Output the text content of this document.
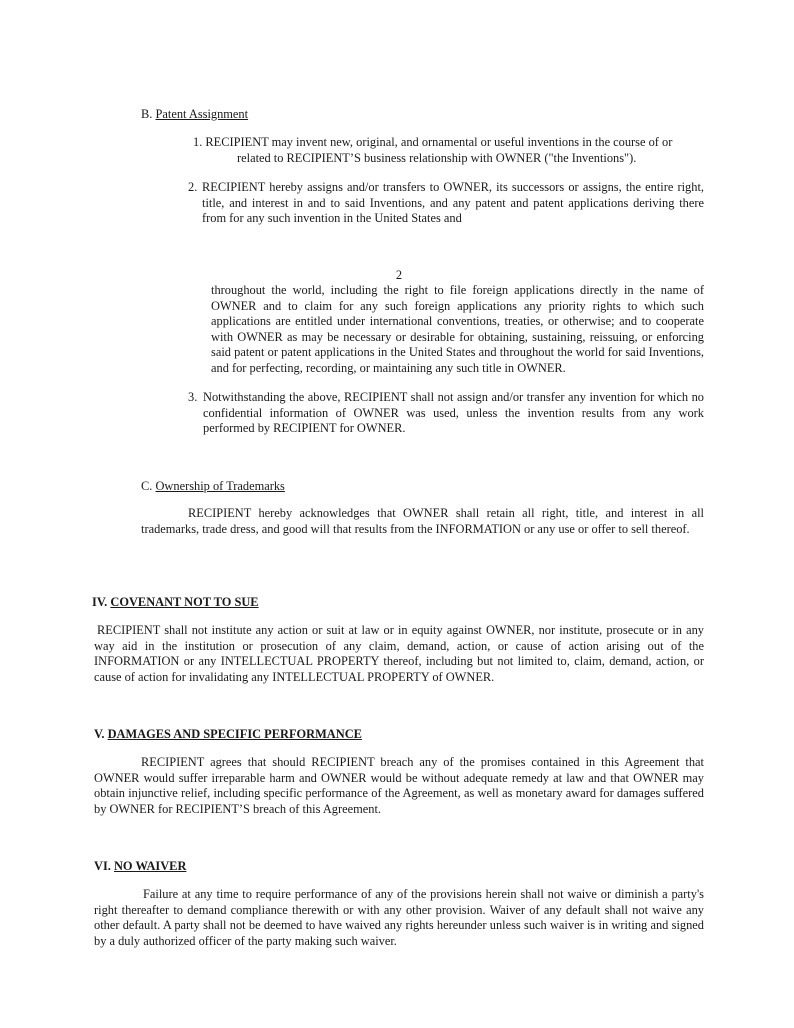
B. Patent Assignment

1. RECIPIENT may invent new, original, and ornamental or useful inventions in the course of or

related to RECIPIENT’S business relationship with OWNER ("the Inventions").

2. RECIPIENT hereby assigns and/or transfers to OWNER, its successors or assigns, the entire right, title, and interest in and to said Inventions, and any patent and patent applications deriving there from for any such invention in the United States and

2

throughout the world, including the right to file foreign applications directly in the name of OWNER and to claim for any such foreign applications any priority rights to which such applications are entitled under international conventions, treaties, or otherwise; and to cooperate with OWNER as may be necessary or desirable for obtaining, sustaining, reissuing, or enforcing said patent or patent applications in the United States and throughout the world for said Inventions, and for perfecting, recording, or maintaining any such title in OWNER.

3. Notwithstanding the above, RECIPIENT shall not assign and/or transfer any invention for which no confidential information of OWNER was used, unless the invention results from any work performed by RECIPIENT for OWNER.

C. Ownership of Trademarks

RECIPIENT hereby acknowledges that OWNER shall retain all right, title, and interest in all trademarks, trade dress, and good will that results from the INFORMATION or any use or offer to sell thereof.

IV. COVENANT NOT TO SUE

RECIPIENT shall not institute any action or suit at law or in equity against OWNER, nor institute, prosecute or in any way aid in the institution or prosecution of any claim, demand, action, or cause of action arising out of the INFORMATION or any INTELLECTUAL PROPERTY thereof, including but not limited to, claim, demand, action, or cause of action for invalidating any INTELLECTUAL PROPERTY of OWNER.

V. DAMAGES AND SPECIFIC PERFORMANCE

RECIPIENT agrees that should RECIPIENT breach any of the promises contained in this Agreement that OWNER would suffer irreparable harm and OWNER would be without adequate remedy at law and that OWNER may obtain injunctive relief, including specific performance of the Agreement, as well as monetary award for damages suffered by OWNER for RECIPIENT’S breach of this Agreement.

VI. NO WAIVER

Failure at any time to require performance of any of the provisions herein shall not waive or diminish a party's right thereafter to demand compliance therewith or with any other provision. Waiver of any default shall not waive any other default. A party shall not be deemed to have waived any rights hereunder unless such waiver is in writing and signed by a duly authorized officer of the party making such waiver.
